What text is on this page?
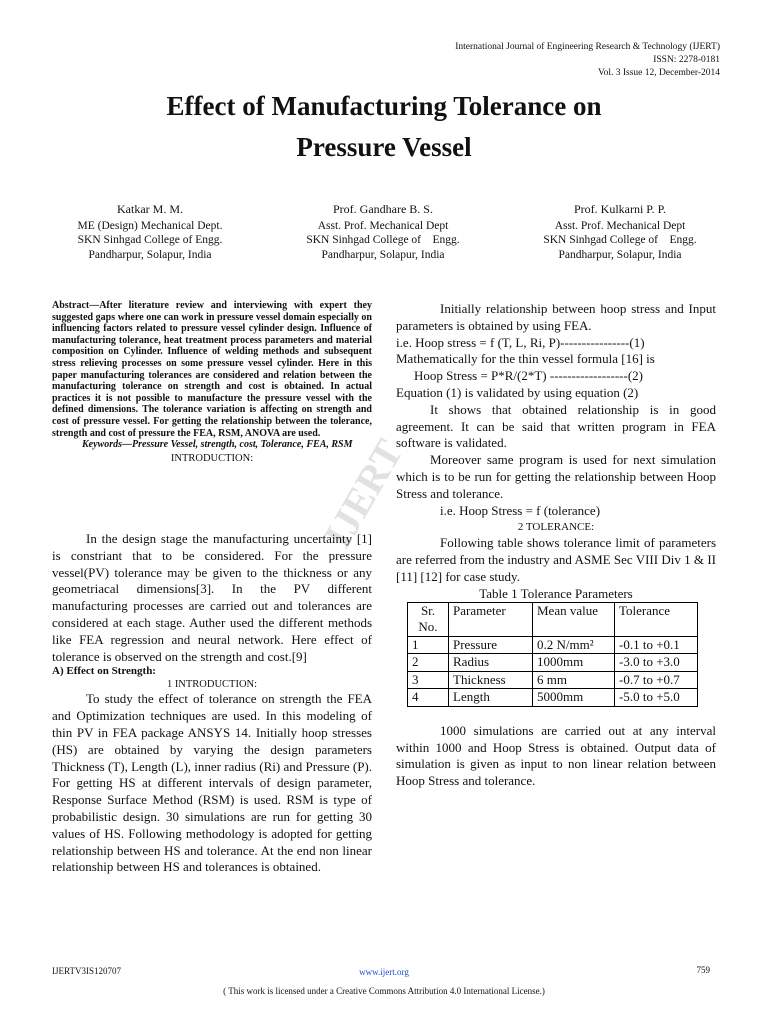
International Journal of Engineering Research & Technology (IJERT)
ISSN: 2278-0181
Vol. 3 Issue 12, December-2014
Effect of Manufacturing Tolerance on
Pressure Vessel
Katkar M. M.
ME (Design) Mechanical Dept.
SKN Sinhgad College of Engg.
Pandharpur, Solapur, India
Prof. Gandhare B. S.
Asst. Prof. Mechanical Dept
SKN Sinhgad College of    Engg.
Pandharpur, Solapur, India
Prof. Kulkarni P. P.
Asst. Prof. Mechanical Dept
SKN Sinhgad College of    Engg.
Pandharpur, Solapur, India
IJERT

Abstract—After literature review and interviewing with expert they suggested gaps where one can work in pressure vessel domain especially on influencing factors related to pressure vessel cylinder design. Influence of manufacturing tolerance, heat treatment process parameters and material composition on Cylinder. Influence of welding methods and subsequent stress relieving processes on some pressure vessel cylinder. Here in this paper manufacturing tolerances are considered and relation between the manufacturing tolerance on strength and cost is obtained. In actual practices it is not possible to manufacture the pressure vessel with the defined dimensions. The tolerance variation is affecting on strength and cost of pressure vessel. For getting the relationship between the tolerance, strength and cost of pressure the FEA, RSM, ANOVA are used.

Keywords—Pressure Vessel, strength, cost, Tolerance, FEA, RSM

INTRODUCTION:

In the design stage the manufacturing uncertainty [1] is constriant that to be considered. For the pressure vessel(PV) tolerance may be given to the thickness or any geometriacal dimensions[3]. In the PV different manufacturing processes are carried out and tolerances are considered at each stage. Auther used the different methods like FEA regression and neural network. Here effect of tolerance is observed on the strength and cost.[9]

A) Effect on Strength:

1 INTRODUCTION:

To study the effect of tolerance on strength the FEA and Optimization techniques are used. In this modeling of thin PV in FEA package ANSYS 14. Initially hoop stresses (HS) are obtained by varying the design parameters Thickness (T), Length (L), inner radius (Ri) and Pressure (P). For getting HS at different intervals of design parameter, Response Surface Method (RSM) is used. RSM is type of probabilistic design. 30 simulations are run for getting 30 values of HS. Following methodology is adopted for getting relationship between HS and tolerance. At the end non linear relationship between HS and tolerances is obtained.

Initially relationship between hoop stress and Input parameters is obtained by using FEA.

i.e. Hoop stress = f (T, L, Ri, P)----------------(1)

Mathematically for the thin vessel formula [16] is

Hoop Stress = P*R/(2*T) ------------------(2)

Equation (1) is validated by using equation (2)

It shows that obtained relationship is in good agreement. It can be said that written program in FEA software is validated.

Moreover same program is used for next simulation which is to be run for getting the relationship between Hoop Stress and tolerance.

i.e. Hoop Stress = f (tolerance)

2 TOLERANCE:

Following table shows tolerance limit of parameters are referred from the industry and ASME Sec VIII Div 1 & II [11] [12] for case study.

Table 1 Tolerance Parameters

Sr. No.	Parameter	Mean value	Tolerance
1	Pressure	0.2 N/mm²	-0.1 to +0.1
2	Radius	1000mm	-3.0 to +3.0
3	Thickness	6 mm	-0.7 to +0.7
4	Length	5000mm	-5.0 to +5.0

1000 simulations are carried out at any interval within 1000 and Hoop Stress is obtained. Output data of simulation is given as input to non linear relation between Hoop Stress and tolerance.

IJERTV3IS120707	www.ijert.org	759
( This work is licensed under a Creative Commons Attribution 4.0 International License.)
